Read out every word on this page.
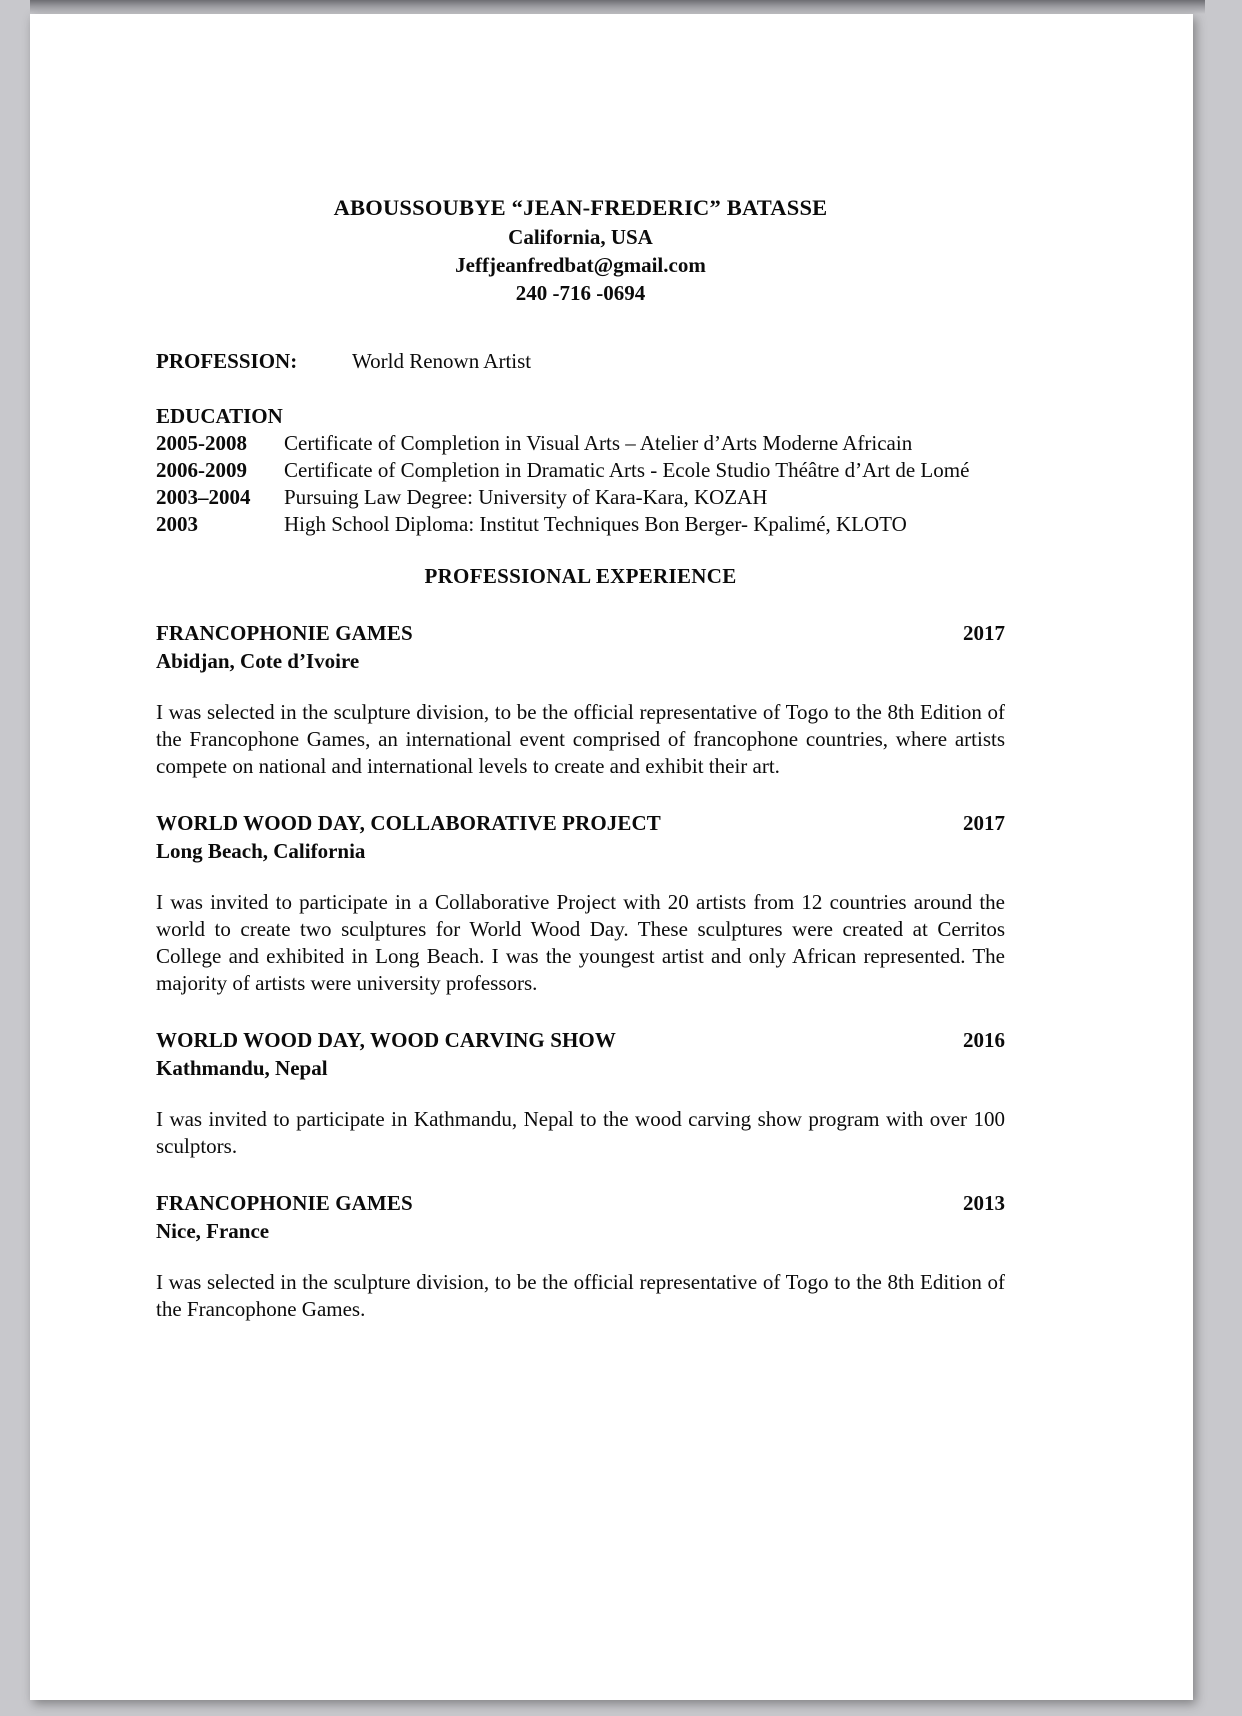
ABOUSSOUBYE “JEAN-FREDERIC” BATASSE
California, USA
Jeffjeanfredbat@gmail.com
240 -716 -0694
PROFESSION:	World Renown Artist
EDUCATION
2005-2008 Certificate of Completion in Visual Arts – Atelier d’Arts Moderne Africain
2006-2009 Certificate of Completion in Dramatic Arts - Ecole Studio Théâtre d’Art de Lomé
2003–2004 Pursuing Law Degree: University of Kara-Kara, KOZAH
2003	High School Diploma: Institut Techniques Bon Berger- Kpalimé, KLOTO
PROFESSIONAL EXPERIENCE
FRANCOPHONIE GAMES	2017
Abidjan, Cote d’Ivoire
I was selected in the sculpture division, to be the official representative of Togo to the 8th Edition of the Francophone Games, an international event comprised of francophone countries, where artists compete on national and international levels to create and exhibit their art.
WORLD WOOD DAY, COLLABORATIVE PROJECT	2017
Long Beach, California
I was invited to participate in a Collaborative Project with 20 artists from 12 countries around the world to create two sculptures for World Wood Day. These sculptures were created at Cerritos College and exhibited in Long Beach. I was the youngest artist and only African represented. The majority of artists were university professors.
WORLD WOOD DAY, WOOD CARVING SHOW	2016
Kathmandu, Nepal
I was invited to participate in Kathmandu, Nepal to the wood carving show program with over 100 sculptors.
FRANCOPHONIE GAMES	2013
Nice, France
I was selected in the sculpture division, to be the official representative of Togo to the 8th Edition of the Francophone Games.
